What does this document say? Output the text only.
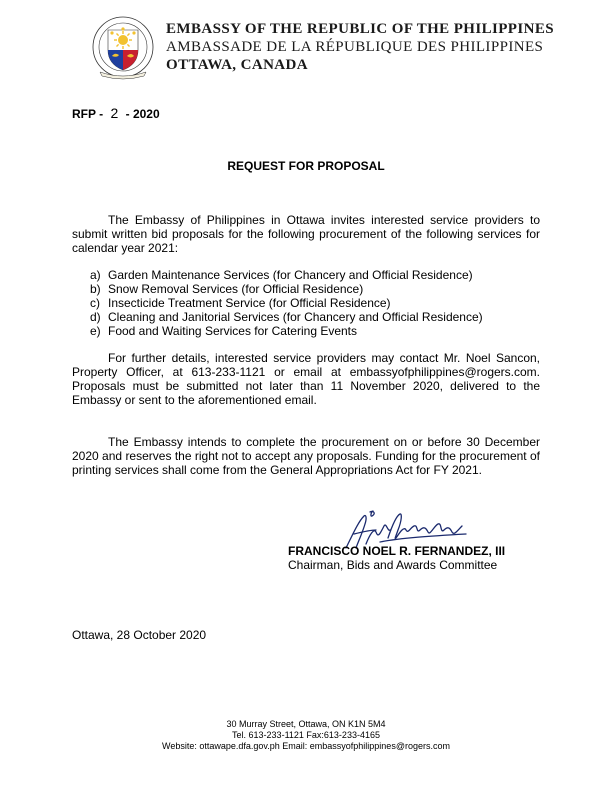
EMBASSY OF THE REPUBLIC OF THE PHILIPPINES
AMBASSADE DE LA RÉPUBLIQUE DES PHILIPPINES
OTTAWA, CANADA
RFP - 2 - 2020
REQUEST FOR PROPOSAL

The Embassy of Philippines in Ottawa invites interested service providers to submit written bid proposals for the following procurement of the following services for calendar year 2021:

a) Garden Maintenance Services (for Chancery and Official Residence)
b) Snow Removal Services (for Official Residence)
c) Insecticide Treatment Service (for Official Residence)
d) Cleaning and Janitorial Services (for Chancery and Official Residence)
e) Food and Waiting Services for Catering Events

For further details, interested service providers may contact Mr. Noel Sancon, Property Officer, at 613-233-1121 or email at embassyofphilippines@rogers.com. Proposals must be submitted not later than 11 November 2020, delivered to the Embassy or sent to the aforementioned email.

The Embassy intends to complete the procurement on or before 30 December 2020 and reserves the right not to accept any proposals. Funding for the procurement of printing services shall come from the General Appropriations Act for FY 2021.

FRANCISCO NOEL R. FERNANDEZ, III
Chairman, Bids and Awards Committee
Ottawa, 28 October 2020
30 Murray Street, Ottawa, ON K1N 5M4
Tel. 613-233-1121 Fax:613-233-4165
Website: ottawape.dfa.gov.ph Email: embassyofphilippines@rogers.com
